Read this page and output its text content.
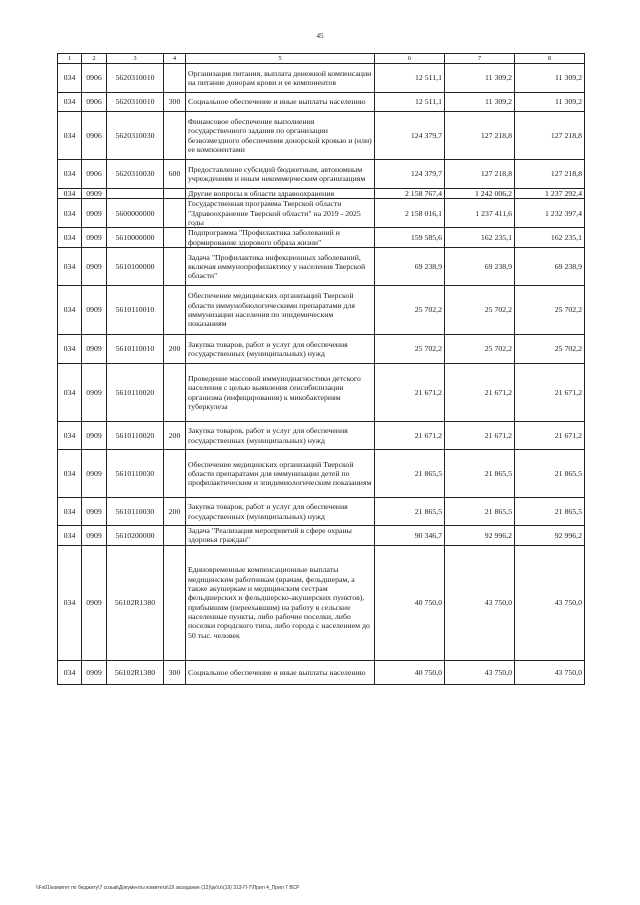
45
1	2	3	4	5	6	7	8
034	0906	5620310010		Организация питания, выплата денежной компенсации на питание донорам крови и ее компонентов	12 511,1	11 309,2	11 309,2
034	0906	5620310010	300	Социальное обеспечение и иные выплаты населению	12 511,1	11 309,2	11 309,2
034	0906	5620310030		Финансовое обеспечение выполнения государственного задания по организации безвозмездного обеспечения донорской кровью и (или) ее компонентами	124 379,7	127 218,8	127 218,8
034	0906	5620310030	600	Предоставление субсидий бюджетным, автономным учреждениям и иным некоммерческим организациям	124 379,7	127 218,8	127 218,8
034	0909			Другие вопросы в области здравоохранения	2 158 767,4	1 242 006,2	1 237 292,4
034	0909	5600000000		Государственная программа Тверской области "Здравоохранение Тверской области" на 2019 - 2025 годы	2 158 016,1	1 237 411,6	1 232 397,4
034	0909	5610000000		Подпрограмма "Профилактика заболеваний и формирование здорового образа жизни"	159 585,6	162 235,1	162 235,1
034	0909	5610100000		Задача "Профилактика инфекционных заболеваний, включая иммунопрофилактику у населения Тверской области"	69 238,9	69 238,9	69 238,9
034	0909	5610110010		Обеспечение медицинских организаций Тверской области иммунобиологическими препаратами для иммунизации населения по эпидемическим показаниям	25 702,2	25 702,2	25 702,2
034	0909	5610110010	200	Закупка товаров, работ и услуг для обеспечения государственных (муниципальных) нужд	25 702,2	25 702,2	25 702,2
034	0909	5610110020		Проведение массовой иммунодиагностики детского населения с целью выявления сенсибилизации организма (инфицирования) к микобактериям туберкулеза	21 671,2	21 671,2	21 671,2
034	0909	5610110020	200	Закупка товаров, работ и услуг для обеспечения государственных (муниципальных) нужд	21 671,2	21 671,2	21 671,2
034	0909	5610110030		Обеспечение медицинских организаций Тверской области препаратами для иммунизации детей по профилактическим и эпидемиологическим показаниям	21 865,5	21 865,5	21 865,5
034	0909	5610110030	200	Закупка товаров, работ и услуг для обеспечения государственных (муниципальных) нужд	21 865,5	21 865,5	21 865,5
034	0909	5610200000		Задача "Реализация мероприятий в сфере охраны здоровья граждан"	90 346,7	92 996,2	92 996,2
034	0909	56102R1380		Единовременные компенсационные выплаты медицинским работникам (врачам, фельдшерам, а также акушеркам и медицинским сестрам фельдшерских и фельдшерско-акушерских пунктов), прибывшим (переехавшим) на работу в сельские населенные пункты, либо рабочие поселки, либо поселки городского типа, либо города с населением до 50 тыс. человек	40 750,0	43 750,0	43 750,0
034	0909	56102R1380	300	Социальное обеспечение и иные выплаты населению	40 750,0	43 750,0	43 750,0
\\Fs01\комитет по бюджету\7 созыв\Документы комитета\19 заседание (12)\рк\\з\(19) 313-П-7\Прил 4_Прил 7 ВСР
